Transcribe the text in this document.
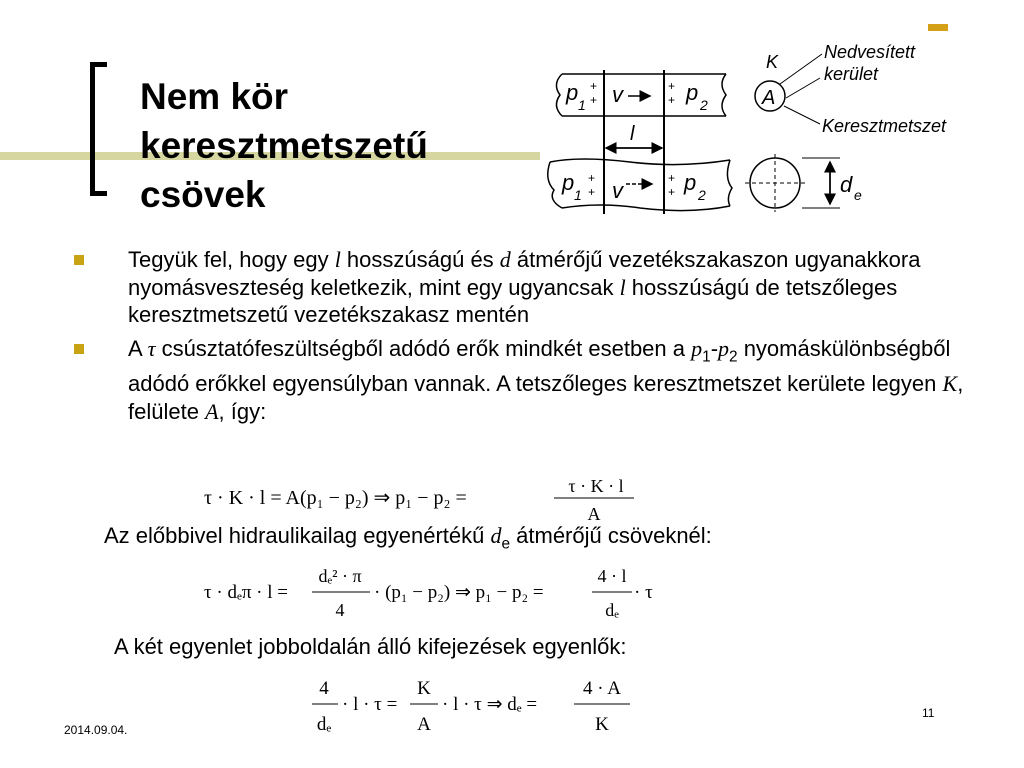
Nem kör
keresztmetszetű
csövek
p 1 v	p 2
+
+
+
+
l
p 1 v	p 2
+
+
+
+
A
K	Nedvesített
kerület
Keresztmetszet
d e
Tegyük fel, hogy egy l hosszúságú és d átmérőjű vezetékszakaszon ugyanakkora nyomásveszteség keletkezik, mint egy ugyancsak l hosszúságú de tetszőleges keresztmetszetű vezetékszakasz mentén
A τ csúsztatófeszültségből adódó erők mindkét esetben a $p_1-p_2$ nyomáskülönbségből adódó erőkkel egyensúlyban vannak. A tetszőleges keresztmetszet kerülete legyen K, felülete A, így:
τ · K · l = A(p₁ − p₂) ⇒ p₁ − p₂ =
τ · K · l
A
Az előbbivel hidraulikailag egyenértékű $d_e$ átmérőjű csöveknél:
τ · dₑπ · l =
dₑ² · π
4
· (p₁ − p₂) ⇒ p₁ − p₂ =
4 · l
dₑ
· τ
A két egyenlet jobboldalán álló kifejezések egyenlők:
4
dₑ
· l · τ =
K
A
· l · τ ⇒ dₑ =
4 · A
K
2014.09.04.
11
